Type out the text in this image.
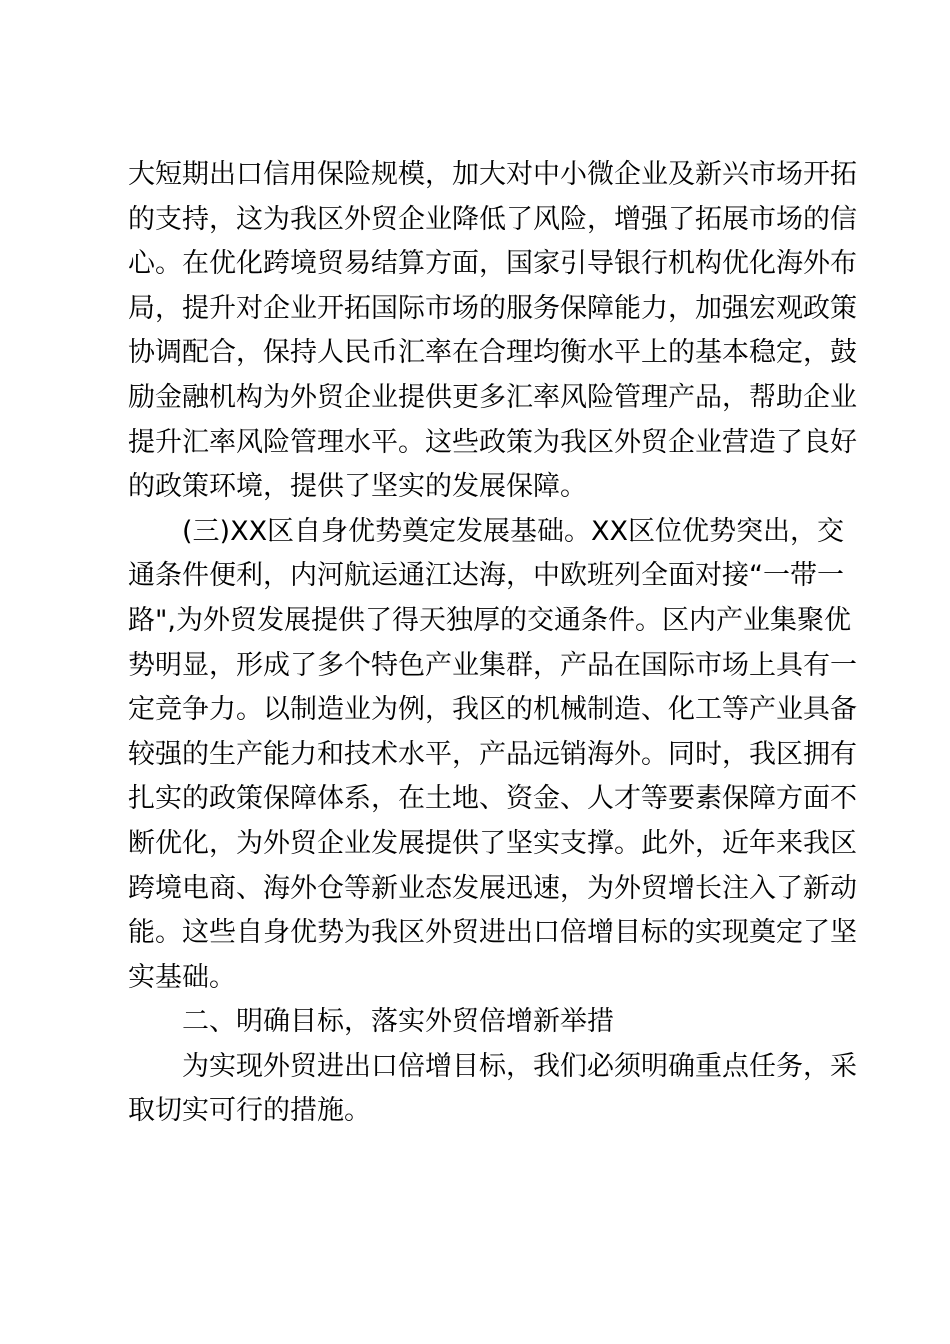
大短期出口信用保险规模，加大对中小微企业及新兴市场开拓
的支持，这为我区外贸企业降低了风险，增强了拓展市场的信
心。在优化跨境贸易结算方面，国家引导银行机构优化海外布
局，提升对企业开拓国际市场的服务保障能力，加强宏观政策
协调配合，保持人民币汇率在合理均衡水平上的基本稳定，鼓
励金融机构为外贸企业提供更多汇率风险管理产品，帮助企业
提升汇率风险管理水平。这些政策为我区外贸企业营造了良好
的政策环境，提供了坚实的发展保障。
(三)XX区自身优势奠定发展基础。XX区位优势突出，交
通条件便利，内河航运通江达海，中欧班列全面对接“一带一
路",为外贸发展提供了得天独厚的交通条件。区内产业集聚优
势明显，形成了多个特色产业集群，产品在国际市场上具有一
定竞争力。以制造业为例，我区的机械制造、化工等产业具备
较强的生产能力和技术水平，产品远销海外。同时，我区拥有
扎实的政策保障体系，在土地、资金、人才等要素保障方面不
断优化，为外贸企业发展提供了坚实支撑。此外，近年来我区
跨境电商、海外仓等新业态发展迅速，为外贸增长注入了新动
能。这些自身优势为我区外贸进出口倍增目标的实现奠定了坚
实基础。
二、明确目标，落实外贸倍增新举措
为实现外贸进出口倍增目标，我们必须明确重点任务，采
取切实可行的措施。
